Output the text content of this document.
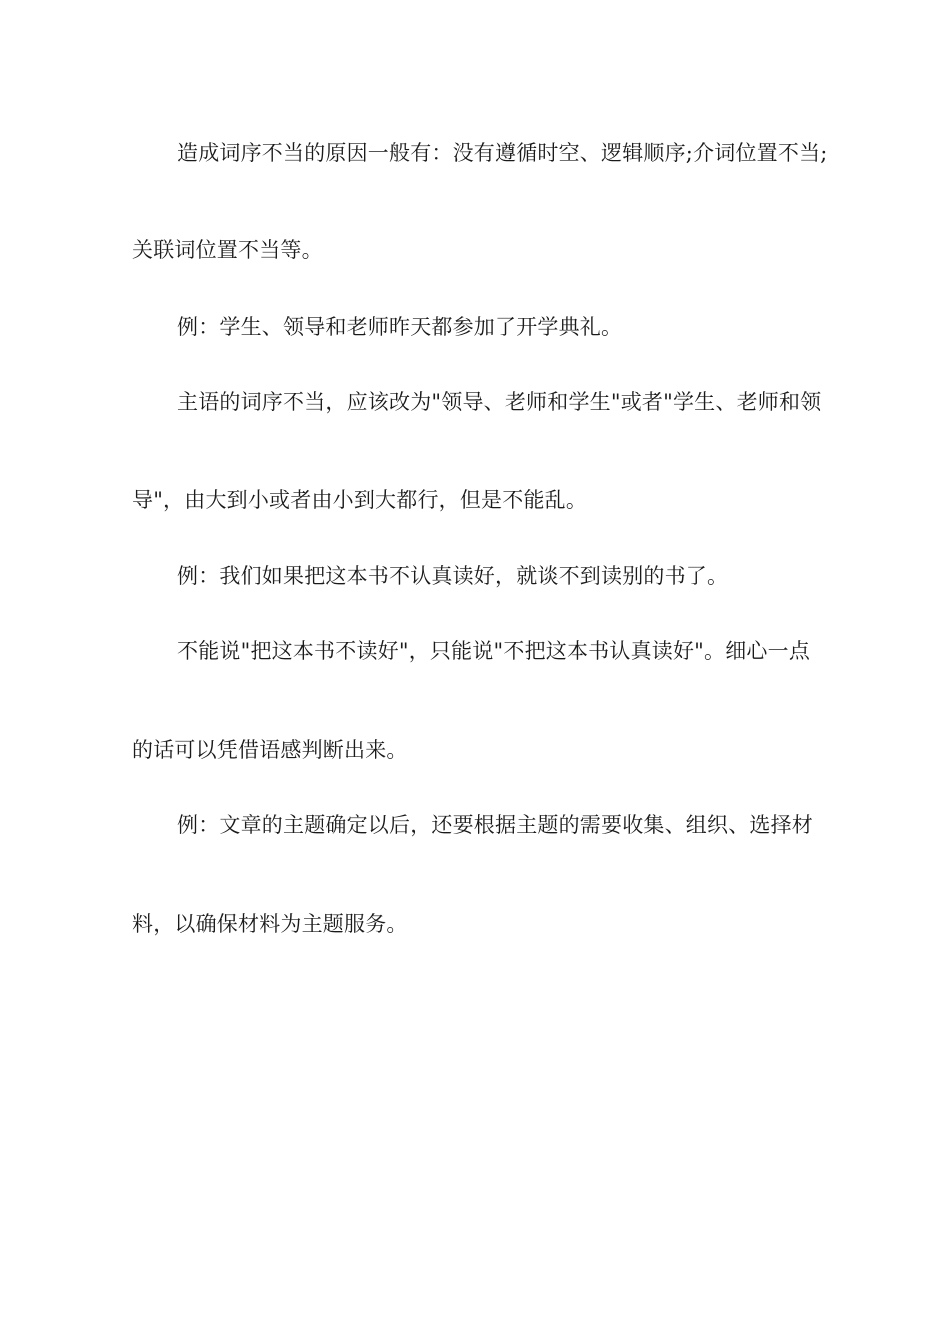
造成词序不当的原因一般有：没有遵循时空、逻辑顺序;介词位置不当;
关联词位置不当等。
例：学生、领导和老师昨天都参加了开学典礼。
主语的词序不当，应该改为"领导、老师和学生"或者"学生、老师和领
导"，由大到小或者由小到大都行，但是不能乱。
例：我们如果把这本书不认真读好，就谈不到读别的书了。
不能说"把这本书不读好"，只能说"不把这本书认真读好"。细心一点
的话可以凭借语感判断出来。
例：文章的主题确定以后，还要根据主题的需要收集、组织、选择材
料，以确保材料为主题服务。
